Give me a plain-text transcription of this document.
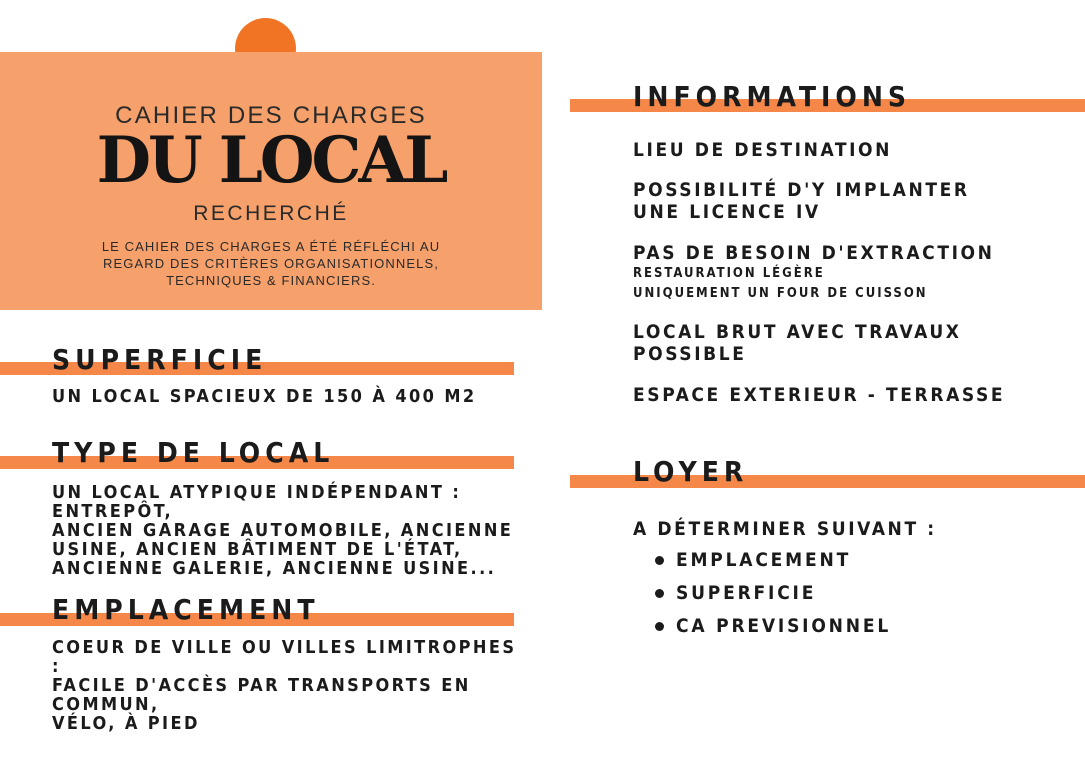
CAHIER DES CHARGES
DU LOCAL
RECHERCHÉ
LE CAHIER DES CHARGES A ÉTÉ RÉFLÉCHI AU
REGARD DES CRITÈRES ORGANISATIONNELS,
TECHNIQUES & FINANCIERS.
SUPERFICIE
UN LOCAL SPACIEUX DE 150 À 400 M2
TYPE DE LOCAL
UN LOCAL ATYPIQUE INDÉPENDANT : ENTREPÔT,
ANCIEN GARAGE AUTOMOBILE, ANCIENNE
USINE, ANCIEN BÂTIMENT DE L'ÉTAT,
ANCIENNE GALERIE, ANCIENNE USINE...
EMPLACEMENT
COEUR DE VILLE OU VILLES LIMITROPHES :
FACILE D'ACCÈS PAR TRANSPORTS EN COMMUN,
VÉLO, À PIED
INFORMATIONS
LIEU DE DESTINATION
POSSIBILITÉ D'Y IMPLANTER
UNE LICENCE IV
PAS DE BESOIN D'EXTRACTION
RESTAURATION LÉGÈRE
UNIQUEMENT UN FOUR DE CUISSON
LOCAL BRUT AVEC TRAVAUX
POSSIBLE
ESPACE EXTERIEUR - TERRASSE
LOYER
A DÉTERMINER SUIVANT :
EMPLACEMENT
SUPERFICIE
CA PREVISIONNEL
